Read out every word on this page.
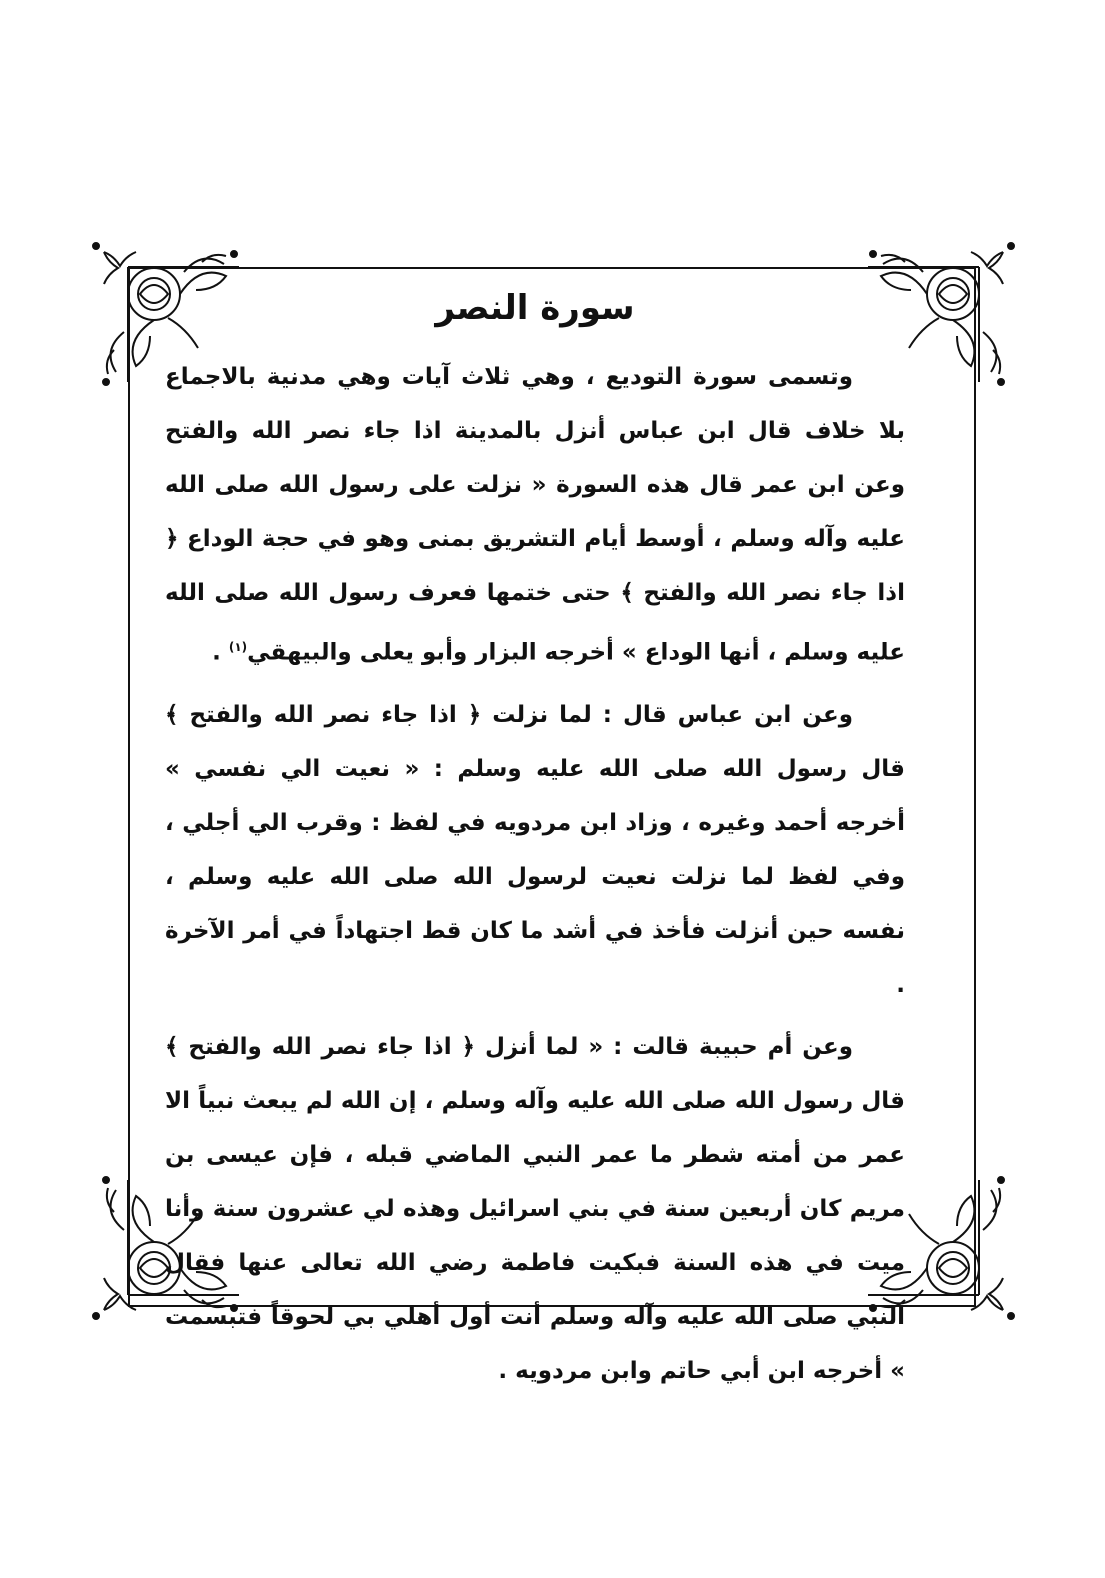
سورة النصر

وتسمى سورة التوديع ، وهي ثلاث آيات وهي مدنية بالاجماع بلا خلاف قال ابن عباس أنزل بالمدينة اذا جاء نصر الله والفتح وعن ابن عمر قال هذه السورة « نزلت على رسول الله صلى الله عليه وآله وسلم ، أوسط أيام التشريق بمنى وهو في حجة الوداع ﴿ اذا جاء نصر الله والفتح ﴾ حتى ختمها فعرف رسول الله صلى الله عليه وسلم ، أنها الوداع » أخرجه البزار وأبو يعلى والبيهقي$^{(١)}$ .

وعن ابن عباس قال : لما نزلت ﴿ اذا جاء نصر الله والفتح ﴾ قال رسول الله صلى الله عليه وسلم : « نعيت الي نفسي » أخرجه أحمد وغيره ، وزاد ابن مردويه في لفظ : وقرب الي أجلي ، وفي لفظ لما نزلت نعيت لرسول الله صلى الله عليه وسلم ، نفسه حين أنزلت فأخذ في أشد ما كان قط اجتهاداً في أمر الآخرة .

وعن أم حبيبة قالت : « لما أنزل ﴿ اذا جاء نصر الله والفتح ﴾ قال رسول الله صلى الله عليه وآله وسلم ، إن الله لم يبعث نبياً الا عمر من أمته شطر ما عمر النبي الماضي قبله ، فإن عيسى بن مريم كان أربعين سنة في بني اسرائيل وهذه لي عشرون سنة وأنا ميت في هذه السنة فبكيت فاطمة رضي الله تعالى عنها فقال النبي صلى الله عليه وآله وسلم أنت أول أهلي بي لحوقاً فتبسمت » أخرجه ابن أبي حاتم وابن مردويه .
